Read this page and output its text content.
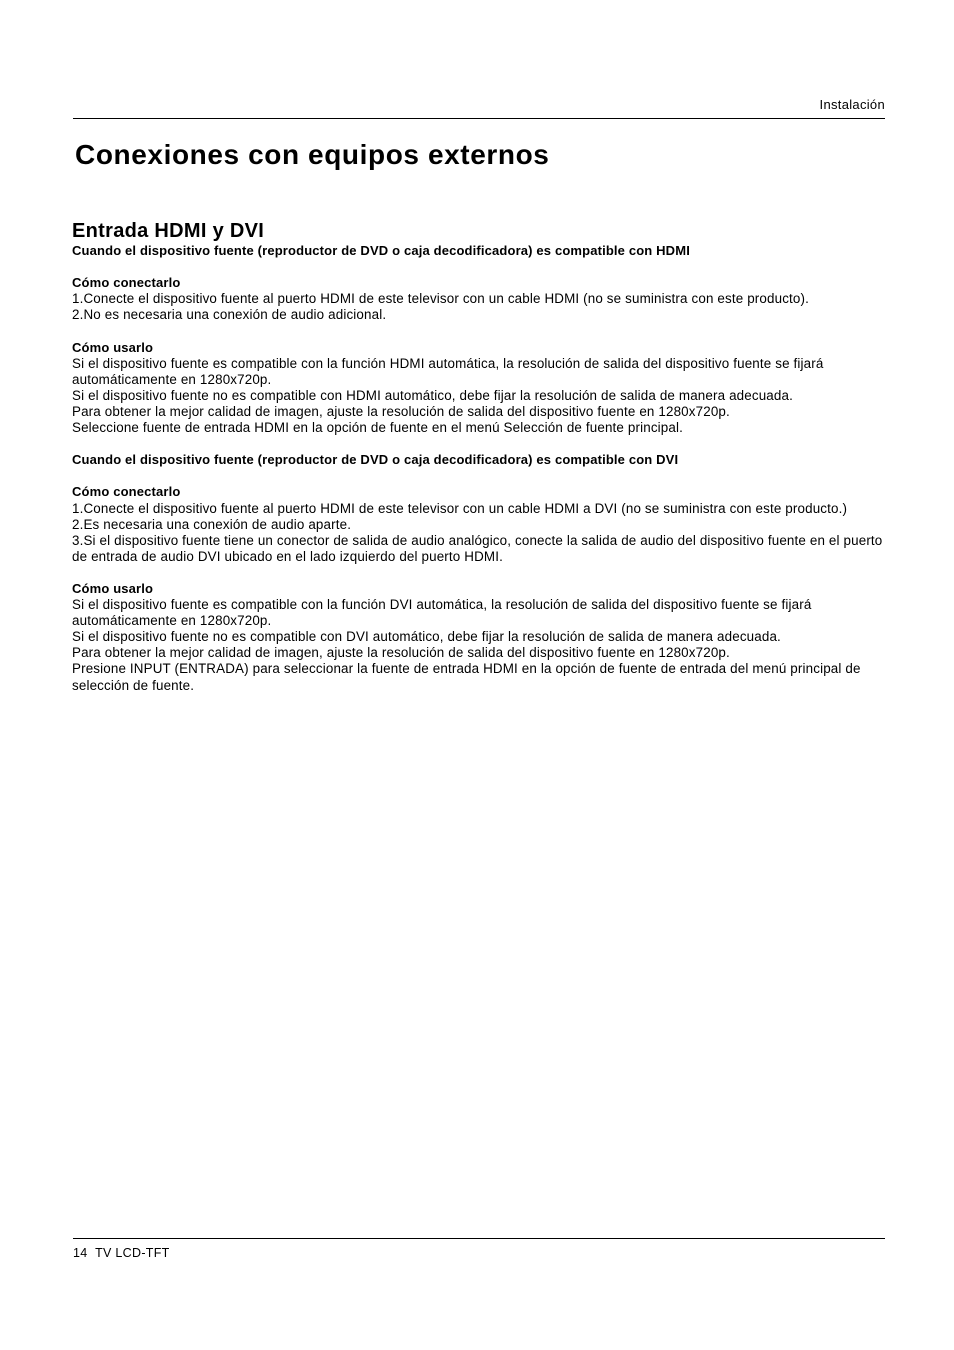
Instalación
Conexiones con equipos externos
Entrada HDMI y DVI

Cuando el dispositivo fuente (reproductor de DVD o caja decodificadora) es compatible con HDMI

Cómo conectarlo

1.Conecte el dispositivo fuente al puerto HDMI de este televisor con un cable HDMI (no se suministra con este producto).

2.No es necesaria una conexión de audio adicional.

Cómo usarlo

Si el dispositivo fuente es compatible con la función HDMI automática, la resolución de salida del dispositivo fuente se fijará automáticamente en 1280x720p.

Si el dispositivo fuente no es compatible con HDMI automático, debe fijar la resolución de salida de manera adecuada.

Para obtener la mejor calidad de imagen, ajuste la resolución de salida del dispositivo fuente en 1280x720p.

Seleccione fuente de entrada HDMI en la opción de fuente en el menú Selección de fuente principal.

Cuando el dispositivo fuente (reproductor de DVD o caja decodificadora) es compatible con DVI

Cómo conectarlo

1.Conecte el dispositivo fuente al puerto HDMI de este televisor con un cable HDMI a DVI (no se suministra con este producto.)

2.Es necesaria una conexión de audio aparte.

3.Si el dispositivo fuente tiene un conector de salida de audio analógico, conecte la salida de audio del dispositivo fuente en el puerto de entrada de audio DVI ubicado en el lado izquierdo del puerto HDMI.

Cómo usarlo

Si el dispositivo fuente es compatible con la función DVI automática, la resolución de salida del dispositivo fuente se fijará automáticamente en 1280x720p.

Si el dispositivo fuente no es compatible con DVI automático, debe fijar la resolución de salida de manera adecuada.

Para obtener la mejor calidad de imagen, ajuste la resolución de salida del dispositivo fuente en 1280x720p.

Presione INPUT (ENTRADA) para seleccionar la fuente de entrada HDMI en la opción de fuente de entrada del menú principal de selección de fuente.

14 TV LCD-TFT
